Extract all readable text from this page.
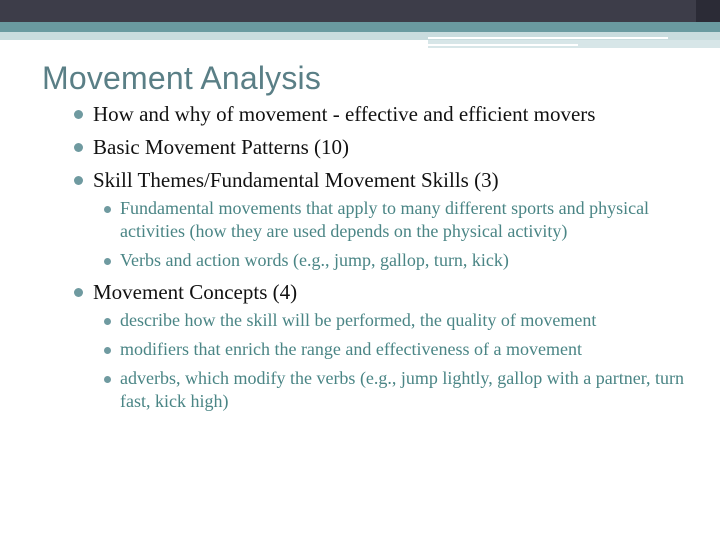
Movement Analysis
How and why of movement - effective and efficient movers
Basic Movement Patterns (10)
Skill Themes/Fundamental Movement Skills (3)
Fundamental movements that apply to many different sports and physical activities (how they are used depends on the physical activity)
Verbs and action words (e.g., jump, gallop, turn, kick)
Movement Concepts (4)
describe how the skill will be performed, the quality of movement
modifiers that enrich the range and effectiveness of a movement
adverbs, which modify the verbs (e.g., jump lightly, gallop with a partner, turn fast, kick high)
